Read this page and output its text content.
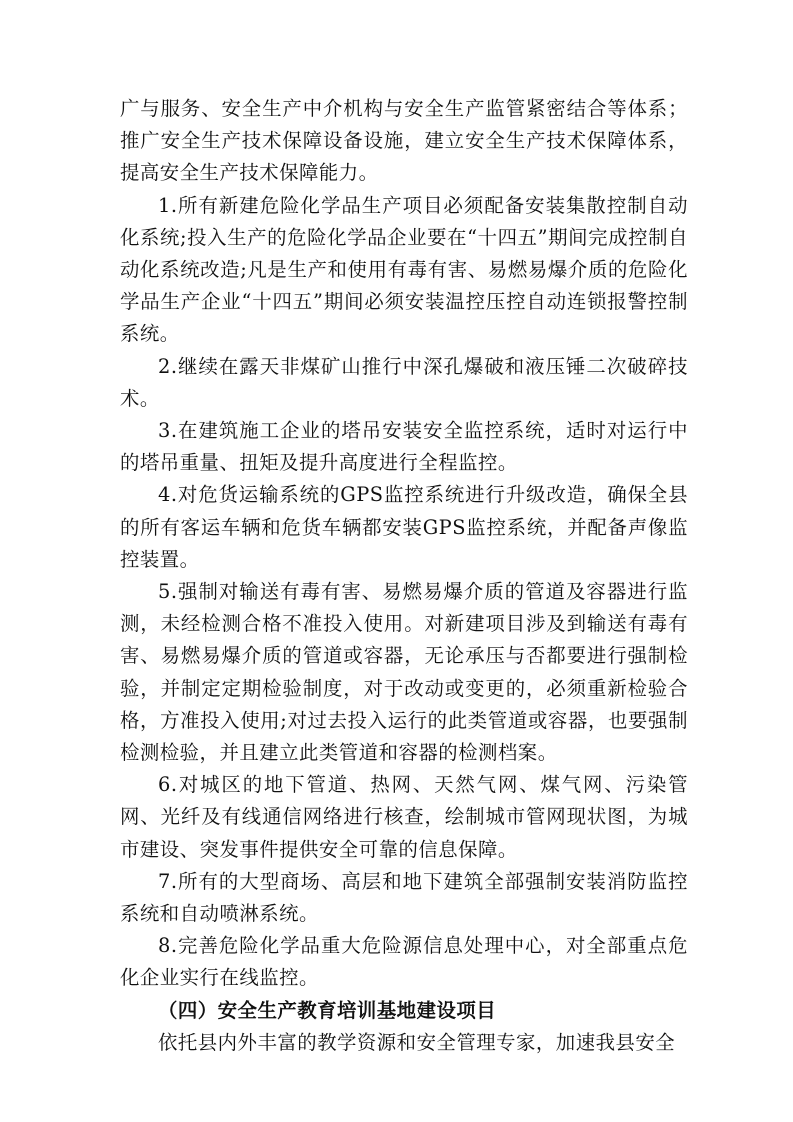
广与服务、安全生产中介机构与安全生产监管紧密结合等体系；推广安全生产技术保障设备设施，建立安全生产技术保障体系，提高安全生产技术保障能力。

1.所有新建危险化学品生产项目必须配备安装集散控制自动化系统;投入生产的危险化学品企业要在“十四五”期间完成控制自动化系统改造;凡是生产和使用有毒有害、易燃易爆介质的危险化学品生产企业“十四五”期间必须安装温控压控自动连锁报警控制系统。

2.继续在露天非煤矿山推行中深孔爆破和液压锤二次破碎技术。

3.在建筑施工企业的塔吊安装安全监控系统，适时对运行中的塔吊重量、扭矩及提升高度进行全程监控。

4.对危货运输系统的GPS监控系统进行升级改造，确保全县的所有客运车辆和危货车辆都安装GPS监控系统，并配备声像监控装置。

5.强制对输送有毒有害、易燃易爆介质的管道及容器进行监测，未经检测合格不准投入使用。对新建项目涉及到输送有毒有害、易燃易爆介质的管道或容器，无论承压与否都要进行强制检验，并制定定期检验制度，对于改动或变更的，必须重新检验合格，方准投入使用;对过去投入运行的此类管道或容器，也要强制检测检验，并且建立此类管道和容器的检测档案。

6.对城区的地下管道、热网、天然气网、煤气网、污染管网、光纤及有线通信网络进行核查，绘制城市管网现状图，为城市建设、突发事件提供安全可靠的信息保障。

7.所有的大型商场、高层和地下建筑全部强制安装消防监控系统和自动喷淋系统。

8.完善危险化学品重大危险源信息处理中心，对全部重点危化企业实行在线监控。

（四）安全生产教育培训基地建设项目

依托县内外丰富的教学资源和安全管理专家，加速我县安全
